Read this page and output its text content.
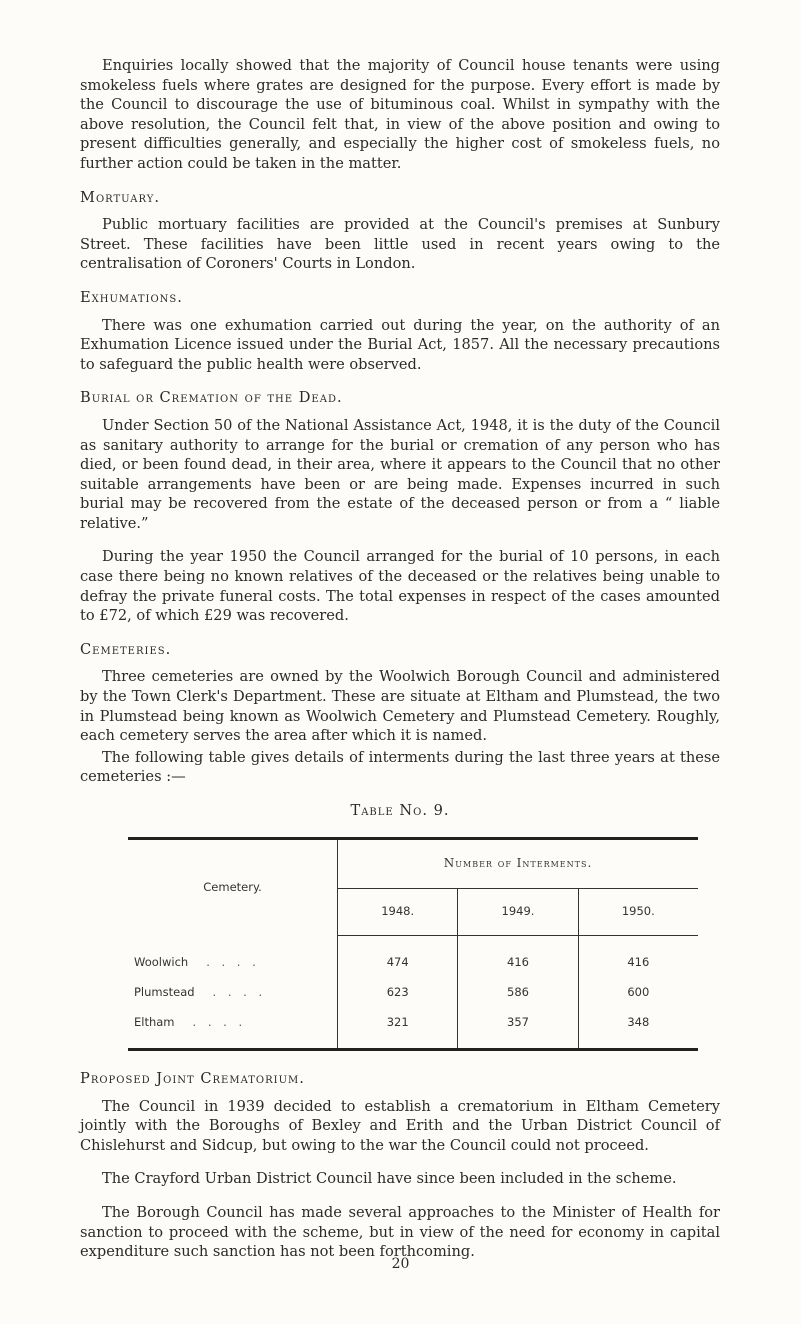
Enquiries locally showed that the majority of Council house tenants were using smokeless fuels where grates are designed for the purpose. Every effort is made by the Council to discourage the use of bituminous coal. Whilst in sympathy with the above resolution, the Council felt that, in view of the above position and owing to present difficulties generally, and especially the higher cost of smokeless fuels, no further action could be taken in the matter.

Mortuary.

Public mortuary facilities are provided at the Council's premises at Sunbury Street. These facilities have been little used in recent years owing to the centralisation of Coroners' Courts in London.

Exhumations.

There was one exhumation carried out during the year, on the authority of an Exhumation Licence issued under the Burial Act, 1857. All the necessary precautions to safeguard the public health were observed.

Burial or Cremation of the Dead.

Under Section 50 of the National Assistance Act, 1948, it is the duty of the Council as sanitary authority to arrange for the burial or cremation of any person who has died, or been found dead, in their area, where it appears to the Council that no other suitable arrangements have been or are being made. Expenses incurred in such burial may be recovered from the estate of the deceased person or from a “ liable relative.”

During the year 1950 the Council arranged for the burial of 10 persons, in each case there being no known relatives of the deceased or the relatives being unable to defray the private funeral costs. The total expenses in respect of the cases amounted to £72, of which £29 was recovered.

Cemeteries.

Three cemeteries are owned by the Woolwich Borough Council and administered by the Town Clerk's Department. These are situate at Eltham and Plumstead, the two in Plumstead being known as Woolwich Cemetery and Plumstead Cemetery. Roughly, each cemetery serves the area after which it is named.

The following table gives details of interments during the last three years at these cemeteries :—

Table No. 9.
Cemetery.	Number of Interments.		
	1948.	1949.	1950.

Woolwich . . . .	474	416	416
Plumstead . . . .	623	586	600
Eltham . . . .	321	357	348
Proposed Joint Crematorium.

The Council in 1939 decided to establish a crematorium in Eltham Cemetery jointly with the Boroughs of Bexley and Erith and the Urban District Council of Chislehurst and Sidcup, but owing to the war the Council could not proceed.

The Crayford Urban District Council have since been included in the scheme.

The Borough Council has made several approaches to the Minister of Health for sanction to proceed with the scheme, but in view of the need for economy in capital expenditure such sanction has not been forthcoming.

20
